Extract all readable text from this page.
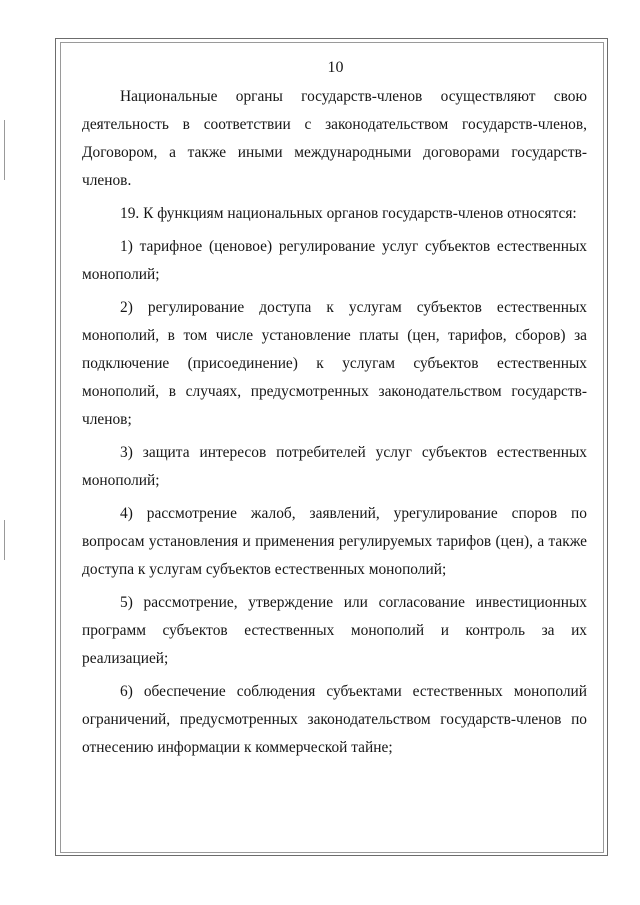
10

Национальные органы государств-членов осуществляют свою деятельность в соответствии с законодательством государств-членов, Договором, а также иными международными договорами государств-членов.

19. К функциям национальных органов государств-членов относятся:

1) тарифное (ценовое) регулирование услуг субъектов естественных монополий;

2) регулирование доступа к услугам субъектов естественных монополий, в том числе установление платы (цен, тарифов, сборов) за подключение (присоединение) к услугам субъектов естественных монополий, в случаях, предусмотренных законодательством государств-членов;

3) защита интересов потребителей услуг субъектов естественных монополий;

4) рассмотрение жалоб, заявлений, урегулирование споров по вопросам установления и применения регулируемых тарифов (цен), а также доступа к услугам субъектов естественных монополий;

5) рассмотрение, утверждение или согласование инвестиционных программ субъектов естественных монополий и контроль за их реализацией;

6) обеспечение соблюдения субъектами естественных монополий ограничений, предусмотренных законодательством государств-членов по отнесению информации к коммерческой тайне;
